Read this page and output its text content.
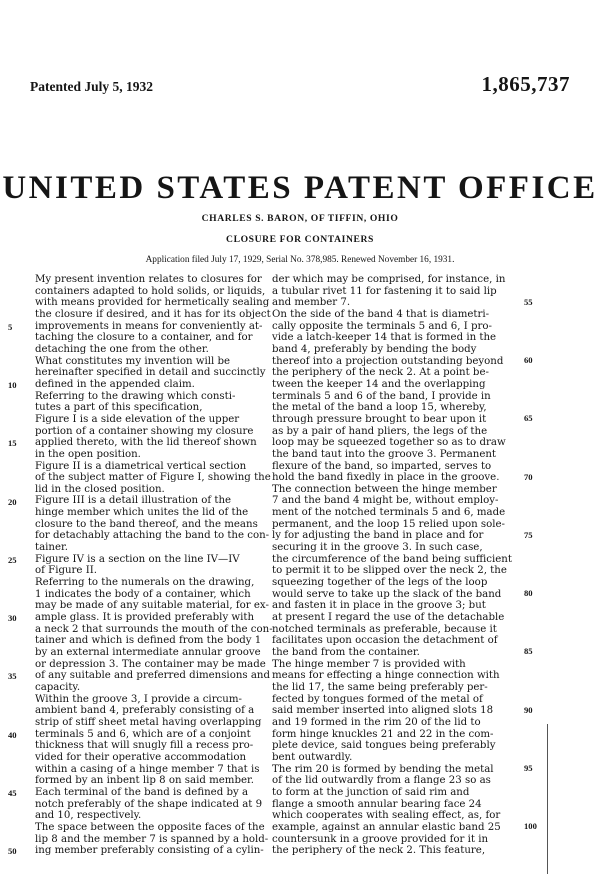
Patented July 5, 1932	1,865,737
UNITED STATES PATENT OFFICE
CHARLES S. BARON, OF TIFFIN, OHIO
CLOSURE FOR CONTAINERS
Application filed July 17, 1929, Serial No. 378,985. Renewed November 16, 1931.
My present invention relates to closures for
containers adapted to hold solids, or liquids,
with means provided for hermetically sealing
the closure if desired, and it has for its object
improvements in means for conveniently at-
taching the closure to a container, and for
detaching the one from the other.
What constitutes my invention will be
hereinafter specified in detail and succinctly
defined in the appended claim.
Referring to the drawing which consti-
tutes a part of this specification,
Figure I is a side elevation of the upper
portion of a container showing my closure
applied thereto, with the lid thereof shown
in the open position.
Figure II is a diametrical vertical section
of the subject matter of Figure I, showing the
lid in the closed position.
Figure III is a detail illustration of the
hinge member which unites the lid of the
closure to the band thereof, and the means
for detachably attaching the band to the con-
tainer.
Figure IV is a section on the line IV—IV
of Figure II.
Referring to the numerals on the drawing,
1 indicates the body of a container, which
may be made of any suitable material, for ex-
ample glass. It is provided preferably with
a neck 2 that surrounds the mouth of the con-
tainer and which is defined from the body 1
by an external intermediate annular groove
or depression 3. The container may be made
of any suitable and preferred dimensions and
capacity.
Within the groove 3, I provide a circum-
ambient band 4, preferably consisting of a
strip of stiff sheet metal having overlapping
terminals 5 and 6, which are of a conjoint
thickness that will snugly fill a recess pro-
vided for their operative accommodation
within a casing of a hinge member 7 that is
formed by an inbent lip 8 on said member.
Each terminal of the band is defined by a
notch preferably of the shape indicated at 9
and 10, respectively.
The space between the opposite faces of the
lip 8 and the member 7 is spanned by a hold-
ing member preferably consisting of a cylin-
der which may be comprised, for instance, in
a tubular rivet 11 for fastening it to said lip
and member 7.
On the side of the band 4 that is diametri-
cally opposite the terminals 5 and 6, I pro-
vide a latch-keeper 14 that is formed in the
band 4, preferably by bending the body
thereof into a projection outstanding beyond
the periphery of the neck 2. At a point be-
tween the keeper 14 and the overlapping
terminals 5 and 6 of the band, I provide in
the metal of the band a loop 15, whereby,
through pressure brought to bear upon it
as by a pair of hand pliers, the legs of the
loop may be squeezed together so as to draw
the band taut into the groove 3. Permanent
flexure of the band, so imparted, serves to
hold the band fixedly in place in the groove.
The connection between the hinge member
7 and the band 4 might be, without employ-
ment of the notched terminals 5 and 6, made
permanent, and the loop 15 relied upon sole-
ly for adjusting the band in place and for
securing it in the groove 3. In such case,
the circumference of the band being sufficient
to permit it to be slipped over the neck 2, the
squeezing together of the legs of the loop
would serve to take up the slack of the band
and fasten it in place in the groove 3; but
at present I regard the use of the detachable
notched terminals as preferable, because it
facilitates upon occasion the detachment of
the band from the container.
The hinge member 7 is provided with
means for effecting a hinge connection with
the lid 17, the same being preferably per-
fected by tongues formed of the metal of
said member inserted into aligned slots 18
and 19 formed in the rim 20 of the lid to
form hinge knuckles 21 and 22 in the com-
plete device, said tongues being preferably
bent outwardly.
The rim 20 is formed by bending the metal
of the lid outwardly from a flange 23 so as
to form at the junction of said rim and
flange a smooth annular bearing face 24
which cooperates with sealing effect, as, for
example, against an annular elastic band 25
countersunk in a groove provided for it in
the periphery of the neck 2. This feature,
5
10
15
20
25
30
35
40
45
50
55
60
65
70
75
80
85
90
95
100
